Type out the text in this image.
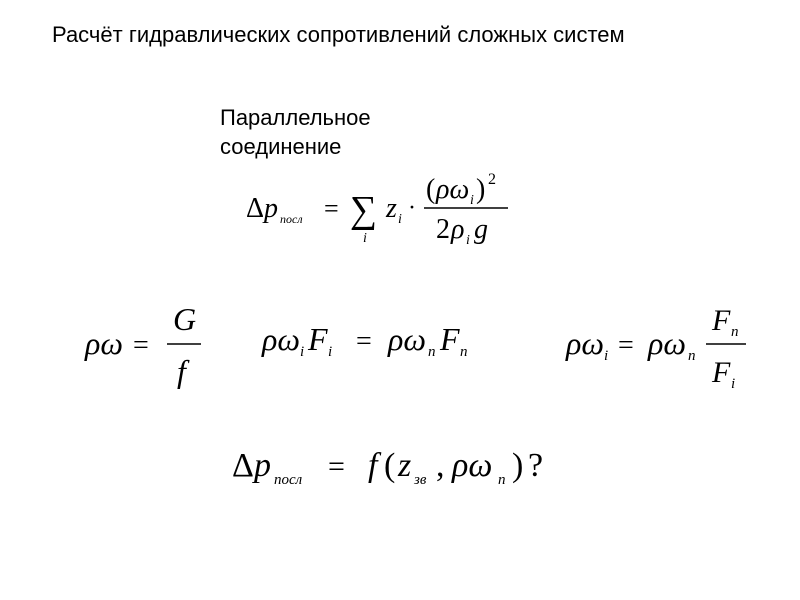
Расчёт гидравлических сопротивлений сложных систем
Параллельное соединение
Δ p посл = ∑
i
z i ·
( ρω i ) 2
2 ρ i g
ρω =
G
f
ρω i F i = ρω n F n	ρω i = ρω n
F n
F i
Δ p посл = f ( z зв , ρω n ) ?
